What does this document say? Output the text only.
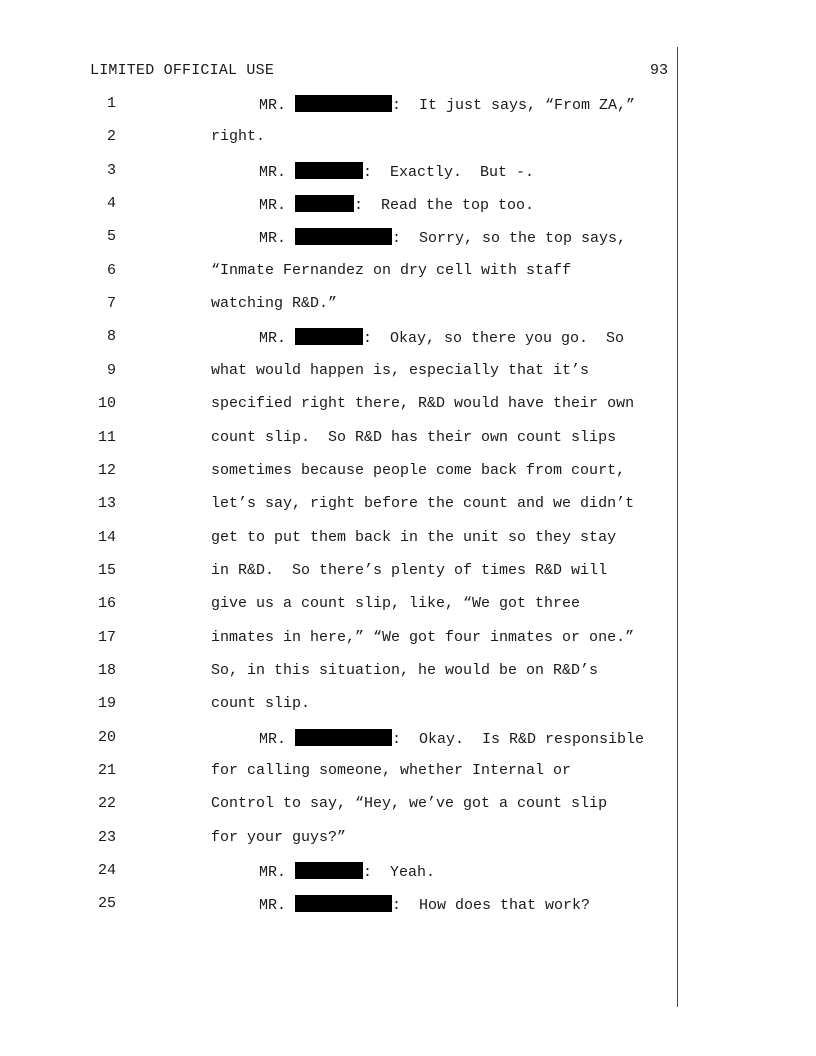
LIMITED OFFICIAL USE	93
1	MR.	:  It just says, “From ZA,”
2	right.
3	MR.	:  Exactly.  But -.
4	MR.	:  Read the top too.
5	MR.	:  Sorry, so the top says,
6	“Inmate Fernandez on dry cell with staff
7	watching R&D.”
8	MR.	:  Okay, so there you go.  So
9	what would happen is, especially that it’s
10	specified right there, R&D would have their own
11	count slip.  So R&D has their own count slips
12	sometimes because people come back from court,
13	let’s say, right before the count and we didn’t
14	get to put them back in the unit so they stay
15	in R&D.  So there’s plenty of times R&D will
16	give us a count slip, like, “We got three
17	inmates in here,” “We got four inmates or one.”
18	So, in this situation, he would be on R&D’s
19	count slip.
20	MR.	:  Okay.  Is R&D responsible
21	for calling someone, whether Internal or
22	Control to say, “Hey, we’ve got a count slip
23	for your guys?”
24	MR.	:  Yeah.
25	MR.	:  How does that work?
